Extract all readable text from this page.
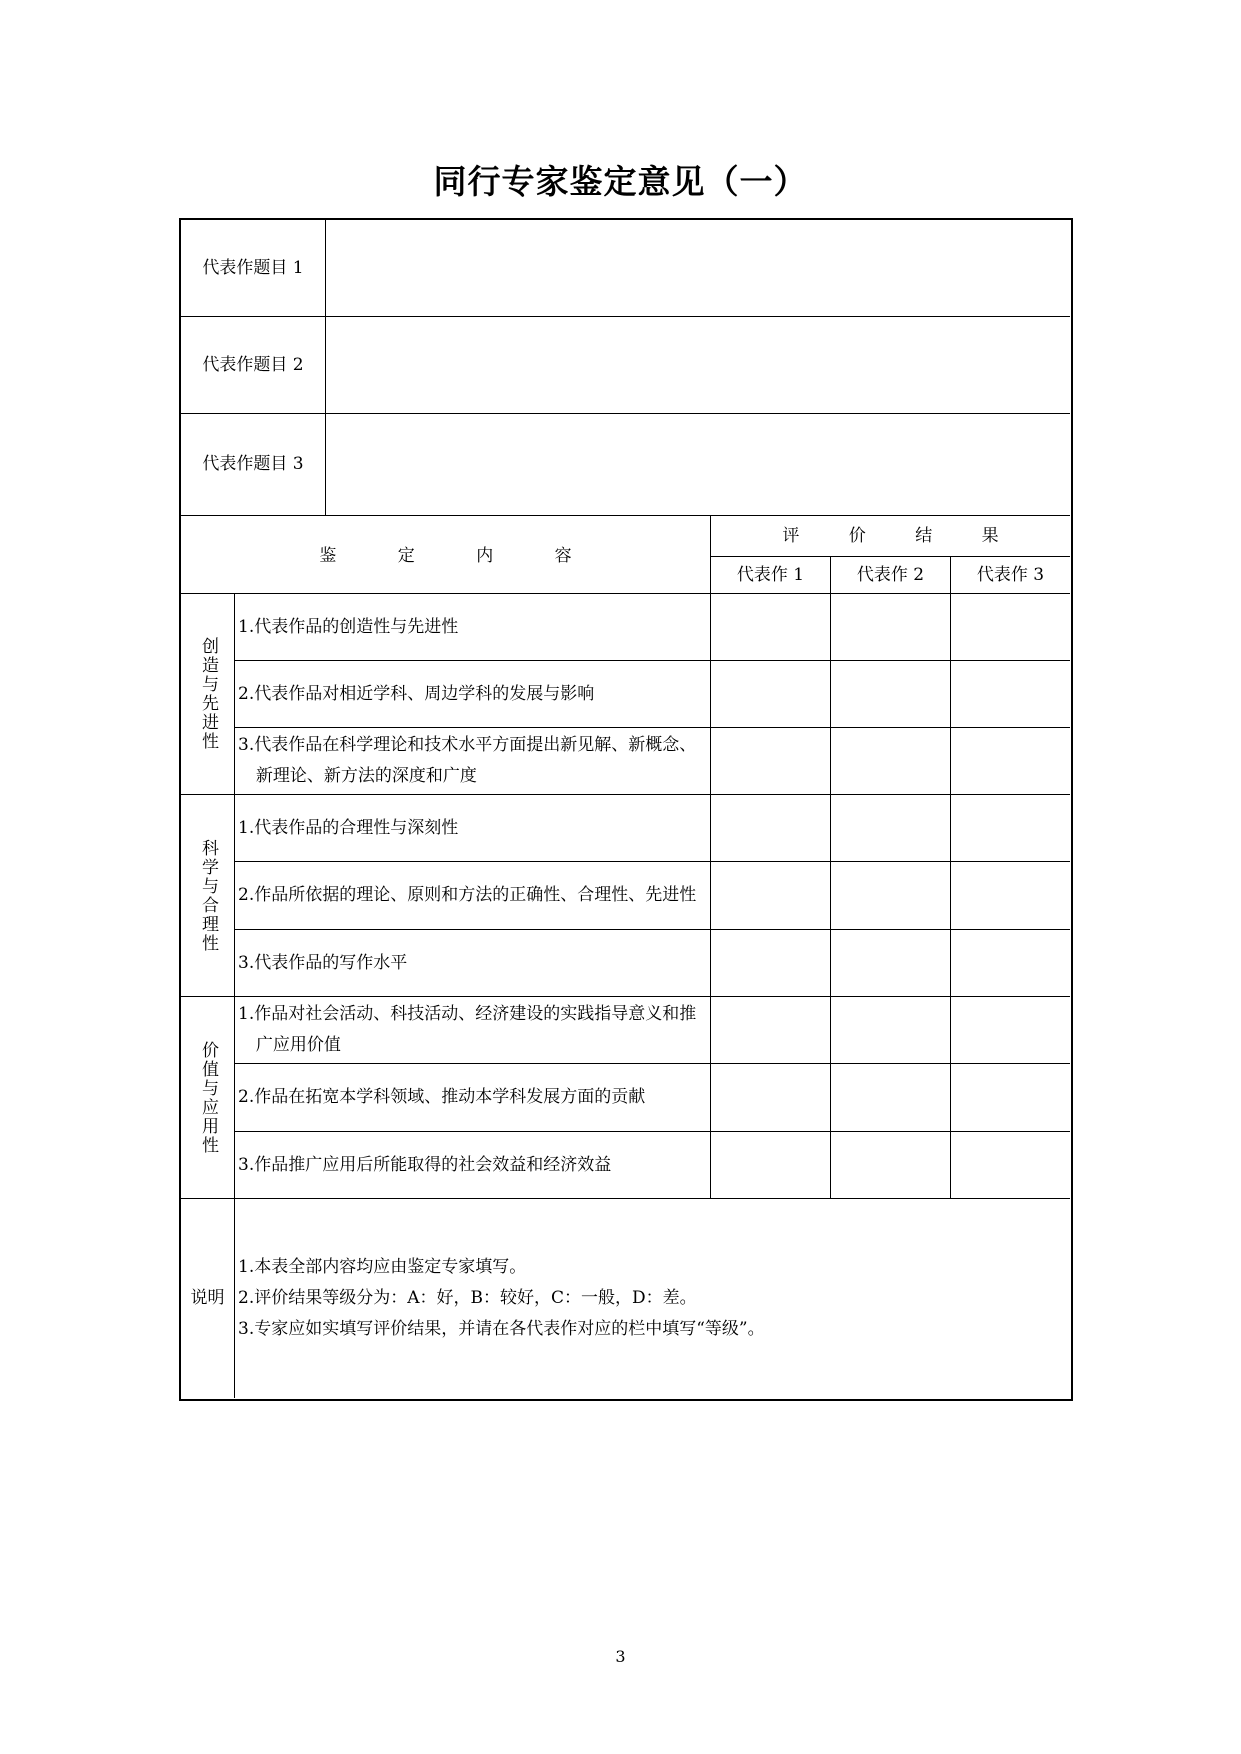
同行专家鉴定意见（一）
代表作题目 1
代表作题目 2
代表作题目 3
鉴 定 内 容
评 价 结 果
代表作 1	代表作 2	代表作 3
创造与先进性
1.代表作品的创造性与先进性
2.代表作品对相近学科、周边学科的发展与影响
3.代表作品在科学理论和技术水平方面提出新见解、新概念、新理论、新方法的深度和广度
科学与合理性
1.代表作品的合理性与深刻性
2.作品所依据的理论、原则和方法的正确性、合理性、先进性
3.代表作品的写作水平
价值与应用性
1.作品对社会活动、科技活动、经济建设的实践指导意义和推广应用价值
2.作品在拓宽本学科领域、推动本学科发展方面的贡献
3.作品推广应用后所能取得的社会效益和经济效益
说明
1.本表全部内容均应由鉴定专家填写。
2.评价结果等级分为：A：好，B：较好，C：一般，D：差。
3.专家应如实填写评价结果，并请在各代表作对应的栏中填写“等级”。
3
